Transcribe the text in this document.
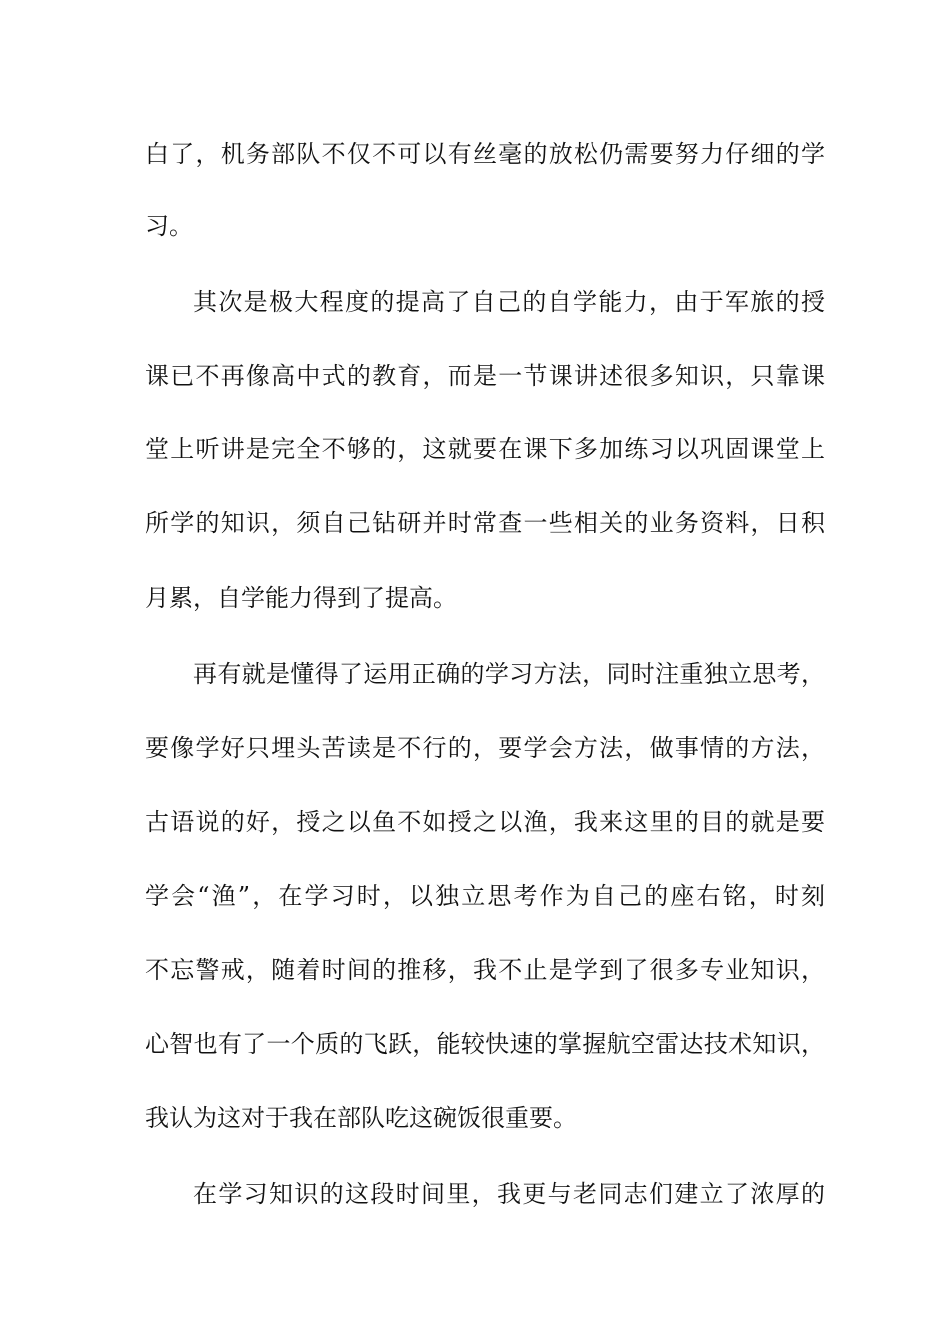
白了，机务部队不仅不可以有丝毫的放松仍需要努力仔细的学
习。
其次是极大程度的提高了自己的自学能力，由于军旅的授
课已不再像高中式的教育，而是一节课讲述很多知识，只靠课
堂上听讲是完全不够的，这就要在课下多加练习以巩固课堂上
所学的知识，须自己钻研并时常查一些相关的业务资料，日积
月累，自学能力得到了提高。
再有就是懂得了运用正确的学习方法，同时注重独立思考，
要像学好只埋头苦读是不行的，要学会方法，做事情的方法，
古语说的好，授之以鱼不如授之以渔，我来这里的目的就是要
学会“渔”，在学习时，以独立思考作为自己的座右铭，时刻
不忘警戒，随着时间的推移，我不止是学到了很多专业知识，
心智也有了一个质的飞跃，能较快速的掌握航空雷达技术知识，
我认为这对于我在部队吃这碗饭很重要。
在学习知识的这段时间里，我更与老同志们建立了浓厚的
